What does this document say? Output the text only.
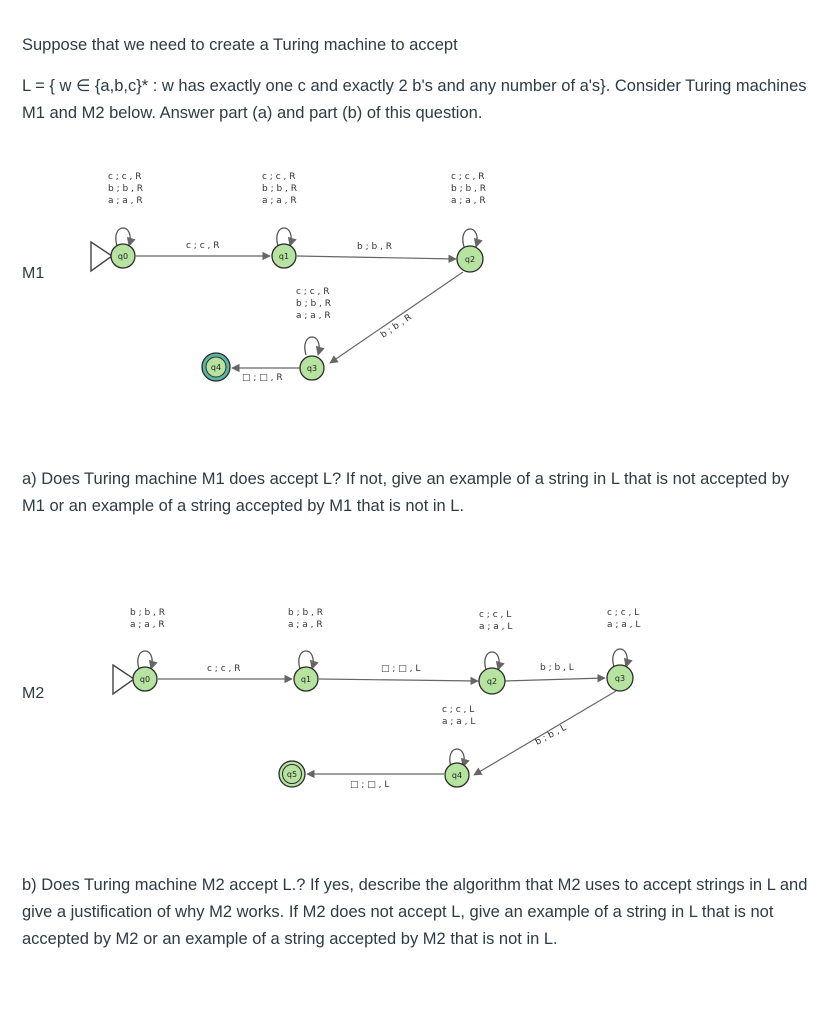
Suppose that we need to create a Turing machine to accept

L = { w ∈ {a,b,c}* : w has exactly one c and exactly 2 b's and any number of a's}. Consider Turing machines M1 and M2 below. Answer part (a) and part (b) of this question.

M1
c ; c , R
b ; b , R
a ; a , R
c ; c , R
b ; b , R
a ; a , R
c ; c , R
b ; b , R
a ; a , R
c ; c , R
b ; b , R
a ; a , R
c ; c , R	b ; b , R
b ; b , R
□ ; □ , R
q0	q1	q2
q3
q4

a) Does Turing machine M1 does accept L? If not, give an example of a string in L that is not accepted by M1 or an example of a string accepted by M1 that is not in L.

M2
b ; b , R
a ; a , R
b ; b , R
a ; a , R
c ; c , L
a ; a , L
c ; c , L
a ; a , L
c ; c , L
a ; a , L
c ; c , R	□ ; □ , L	b ; b , L
b ; b , L
□ ; □ , L
q0	q1	q2	q3
q4
q5

b) Does Turing machine M2 accept L.? If yes, describe the algorithm that M2 uses to accept strings in L and give a justification of why M2 works. If M2 does not accept L, give an example of a string in L that is not accepted by M2 or an example of a string accepted by M2 that is not in L.
